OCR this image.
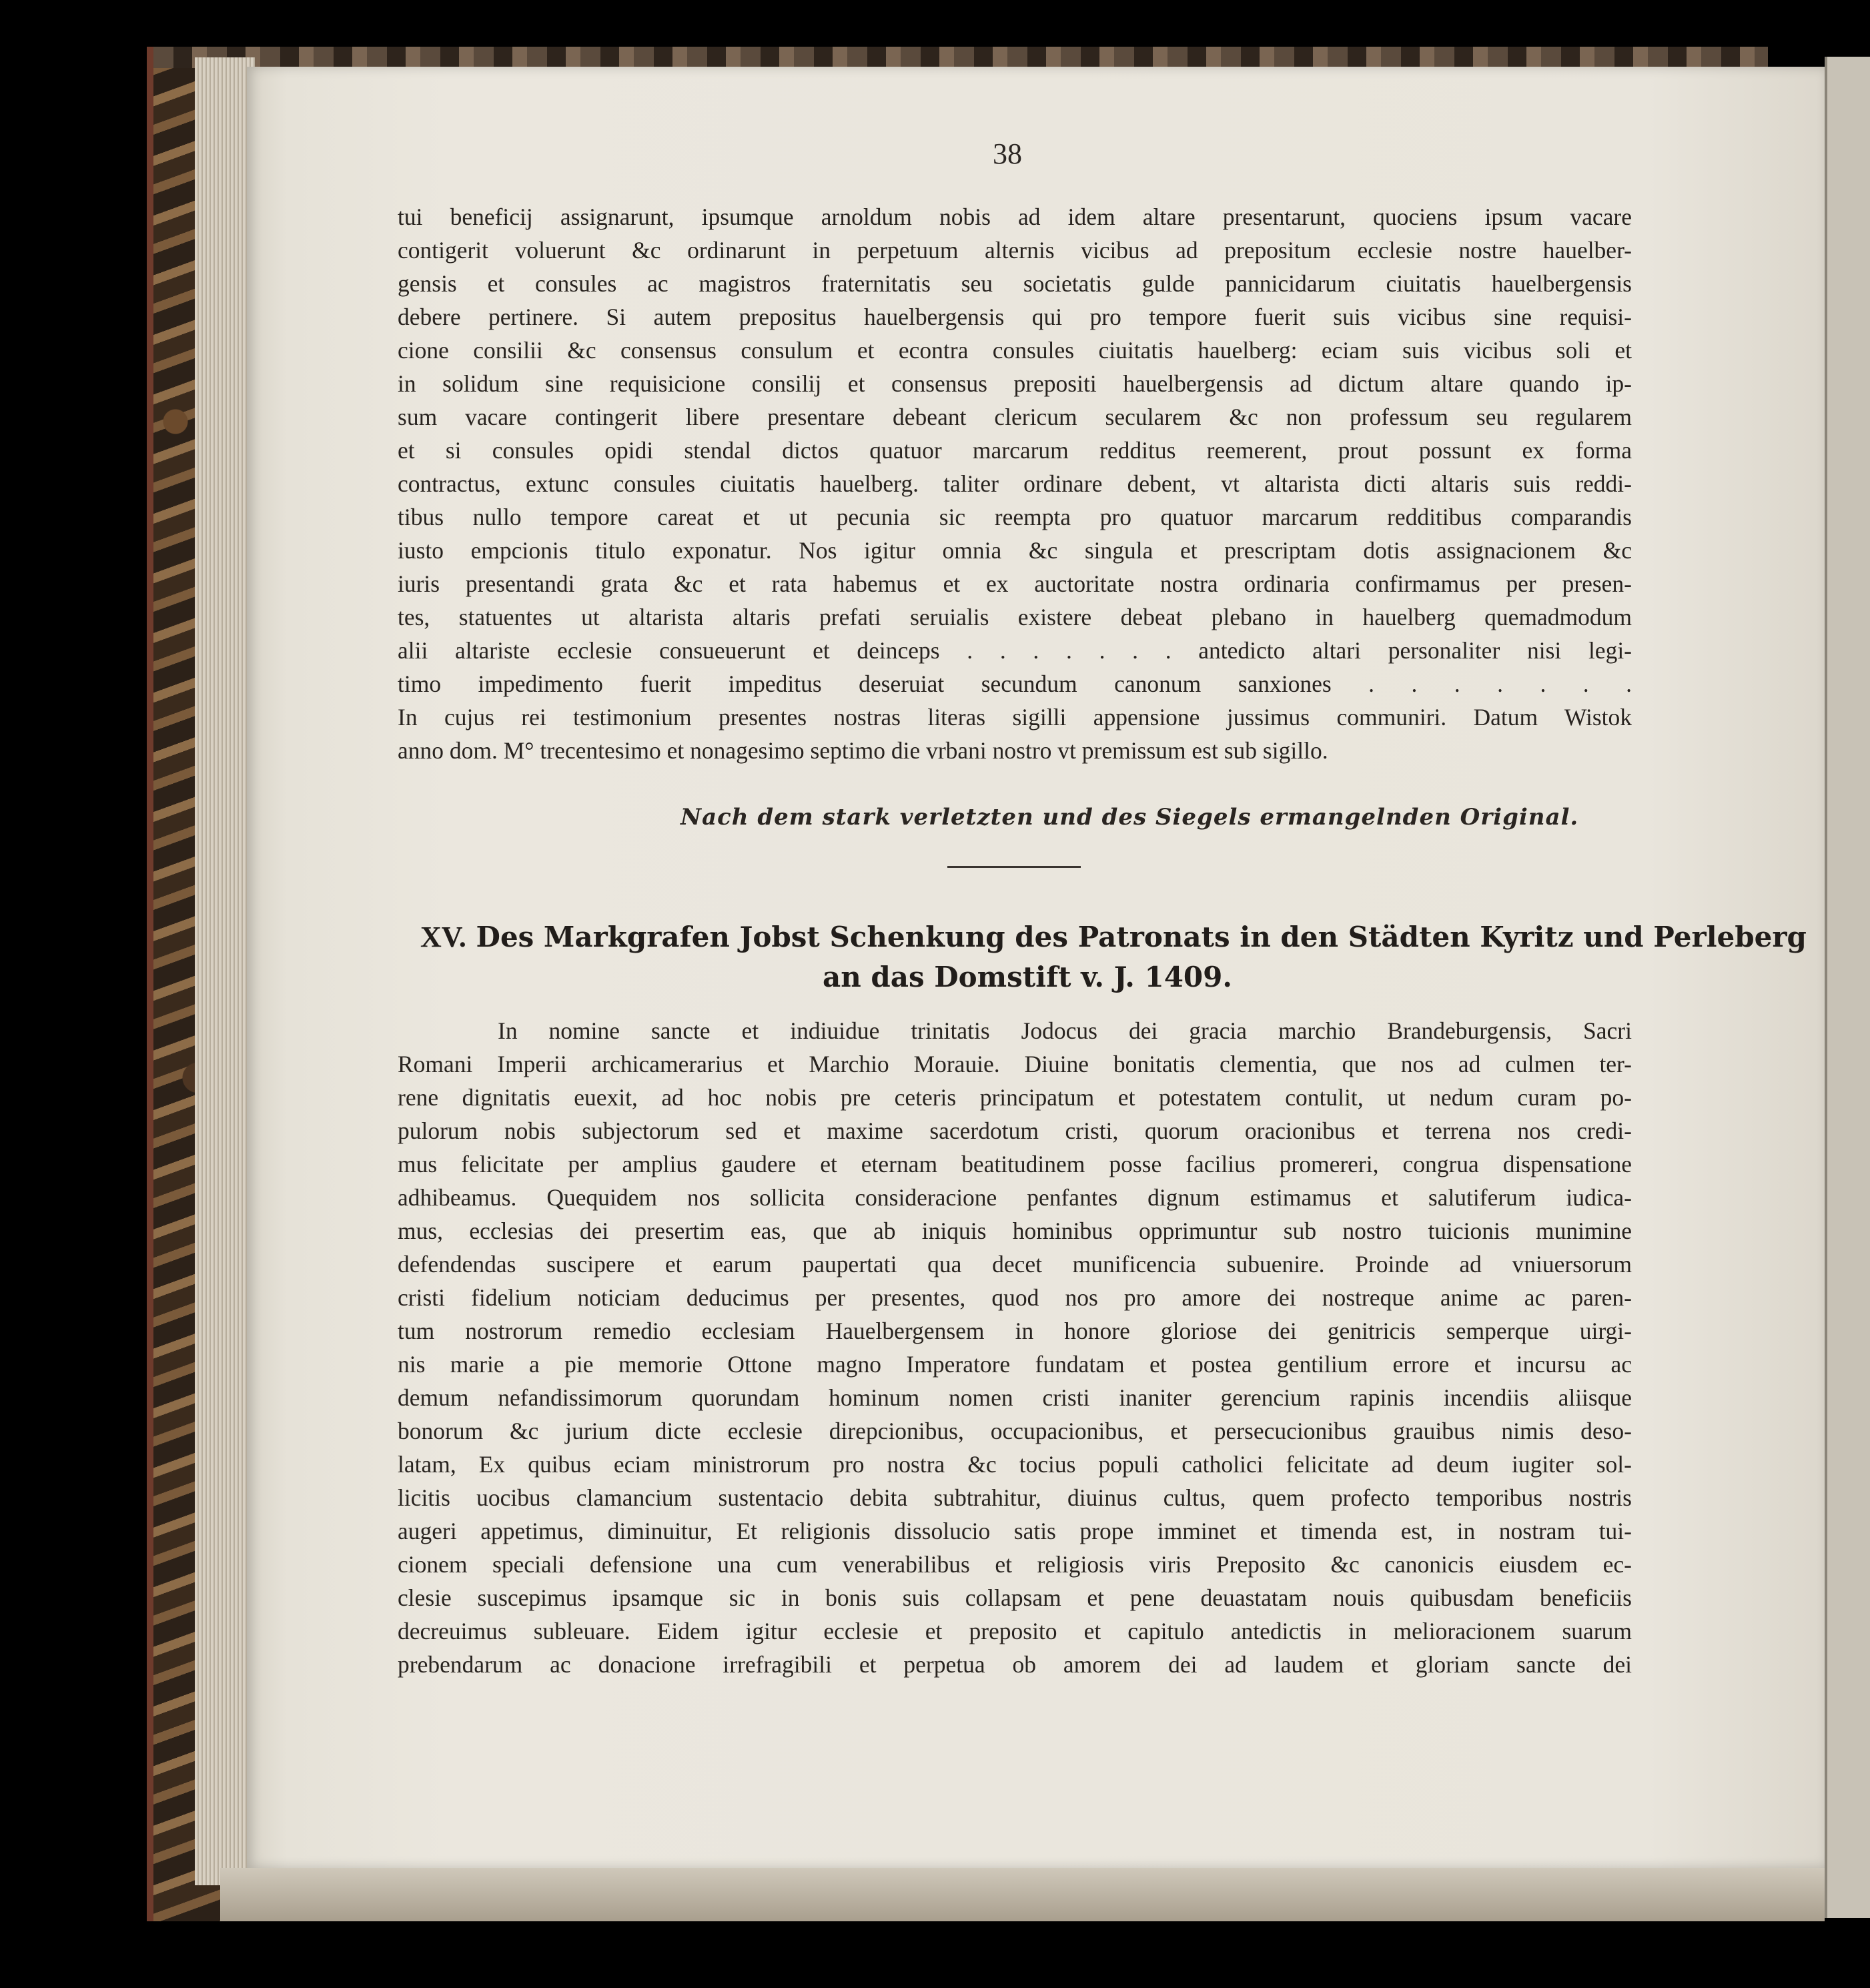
38
tui beneficij assignarunt, ipsumque arnoldum nobis ad idem altare presentarunt, quociens ipsum vacare
contigerit voluerunt &c ordinarunt in perpetuum alternis vicibus ad prepositum ecclesie nostre hauelber-
gensis et consules ac magistros fraternitatis seu societatis gulde pannicidarum ciuitatis hauelbergensis
debere pertinere. Si autem prepositus hauelbergensis qui pro tempore fuerit suis vicibus sine requisi-
cione consilii &c consensus consulum et econtra consules ciuitatis hauelberg: eciam suis vicibus soli et
in solidum sine requisicione consilij et consensus prepositi hauelbergensis ad dictum altare quando ip-
sum vacare contingerit libere presentare debeant clericum secularem &c non professum seu regularem
et si consules opidi stendal dictos quatuor marcarum redditus reemerent, prout possunt ex forma
contractus, extunc consules ciuitatis hauelberg. taliter ordinare debent, vt altarista dicti altaris suis reddi-
tibus nullo tempore careat et ut pecunia sic reempta pro quatuor marcarum redditibus comparandis
iusto empcionis titulo exponatur. Nos igitur omnia &c singula et prescriptam dotis assignacionem &c
iuris presentandi grata &c et rata habemus et ex auctoritate nostra ordinaria confirmamus per presen-
tes, statuentes ut altarista altaris prefati seruialis existere debeat plebano in hauelberg quemadmodum
alii altariste ecclesie consueuerunt et deinceps . . . . . . . antedicto altari personaliter nisi legi-
timo impedimento fuerit impeditus deseruiat secundum canonum sanxiones . . . . . . .
In cujus rei testimonium presentes nostras literas sigilli appensione jussimus communiri. Datum Wistok
anno dom. M° trecentesimo et nonagesimo septimo die vrbani nostro vt premissum est sub sigillo.
Nach dem stark verletzten und des Siegels ermangelnden Original.
XV. Des Markgrafen Jobst Schenkung des Patronats in den Städten Kyritz und Perleberg
an das Domstift v. J. 1409.
In nomine sancte et indiuidue trinitatis Jodocus dei gracia marchio Brandeburgensis, Sacri
Romani Imperii archicamerarius et Marchio Morauie. Diuine bonitatis clementia, que nos ad culmen ter-
rene dignitatis euexit, ad hoc nobis pre ceteris principatum et potestatem contulit, ut nedum curam po-
pulorum nobis subjectorum sed et maxime sacerdotum cristi, quorum oracionibus et terrena nos credi-
mus felicitate per amplius gaudere et eternam beatitudinem posse facilius promereri, congrua dispensatione
adhibeamus. Quequidem nos sollicita consideracione penfantes dignum estimamus et salutiferum iudica-
mus, ecclesias dei presertim eas, que ab iniquis hominibus opprimuntur sub nostro tuicionis munimine
defendendas suscipere et earum paupertati qua decet munificencia subuenire. Proinde ad vniuersorum
cristi fidelium noticiam deducimus per presentes, quod nos pro amore dei nostreque anime ac paren-
tum nostrorum remedio ecclesiam Hauelbergensem in honore gloriose dei genitricis semperque uirgi-
nis marie a pie memorie Ottone magno Imperatore fundatam et postea gentilium errore et incursu ac
demum nefandissimorum quorundam hominum nomen cristi inaniter gerencium rapinis incendiis aliisque
bonorum &c jurium dicte ecclesie direpcionibus, occupacionibus, et persecucionibus grauibus nimis deso-
latam, Ex quibus eciam ministrorum pro nostra &c tocius populi catholici felicitate ad deum iugiter sol-
licitis uocibus clamancium sustentacio debita subtrahitur, diuinus cultus, quem profecto temporibus nostris
augeri appetimus, diminuitur, Et religionis dissolucio satis prope imminet et timenda est, in nostram tui-
cionem speciali defensione una cum venerabilibus et religiosis viris Preposito &c canonicis eiusdem ec-
clesie suscepimus ipsamque sic in bonis suis collapsam et pene deuastatam nouis quibusdam beneficiis
decreuimus subleuare. Eidem igitur ecclesie et preposito et capitulo antedictis in melioracionem suarum
prebendarum ac donacione irrefragibili et perpetua ob amorem dei ad laudem et gloriam sancte dei
